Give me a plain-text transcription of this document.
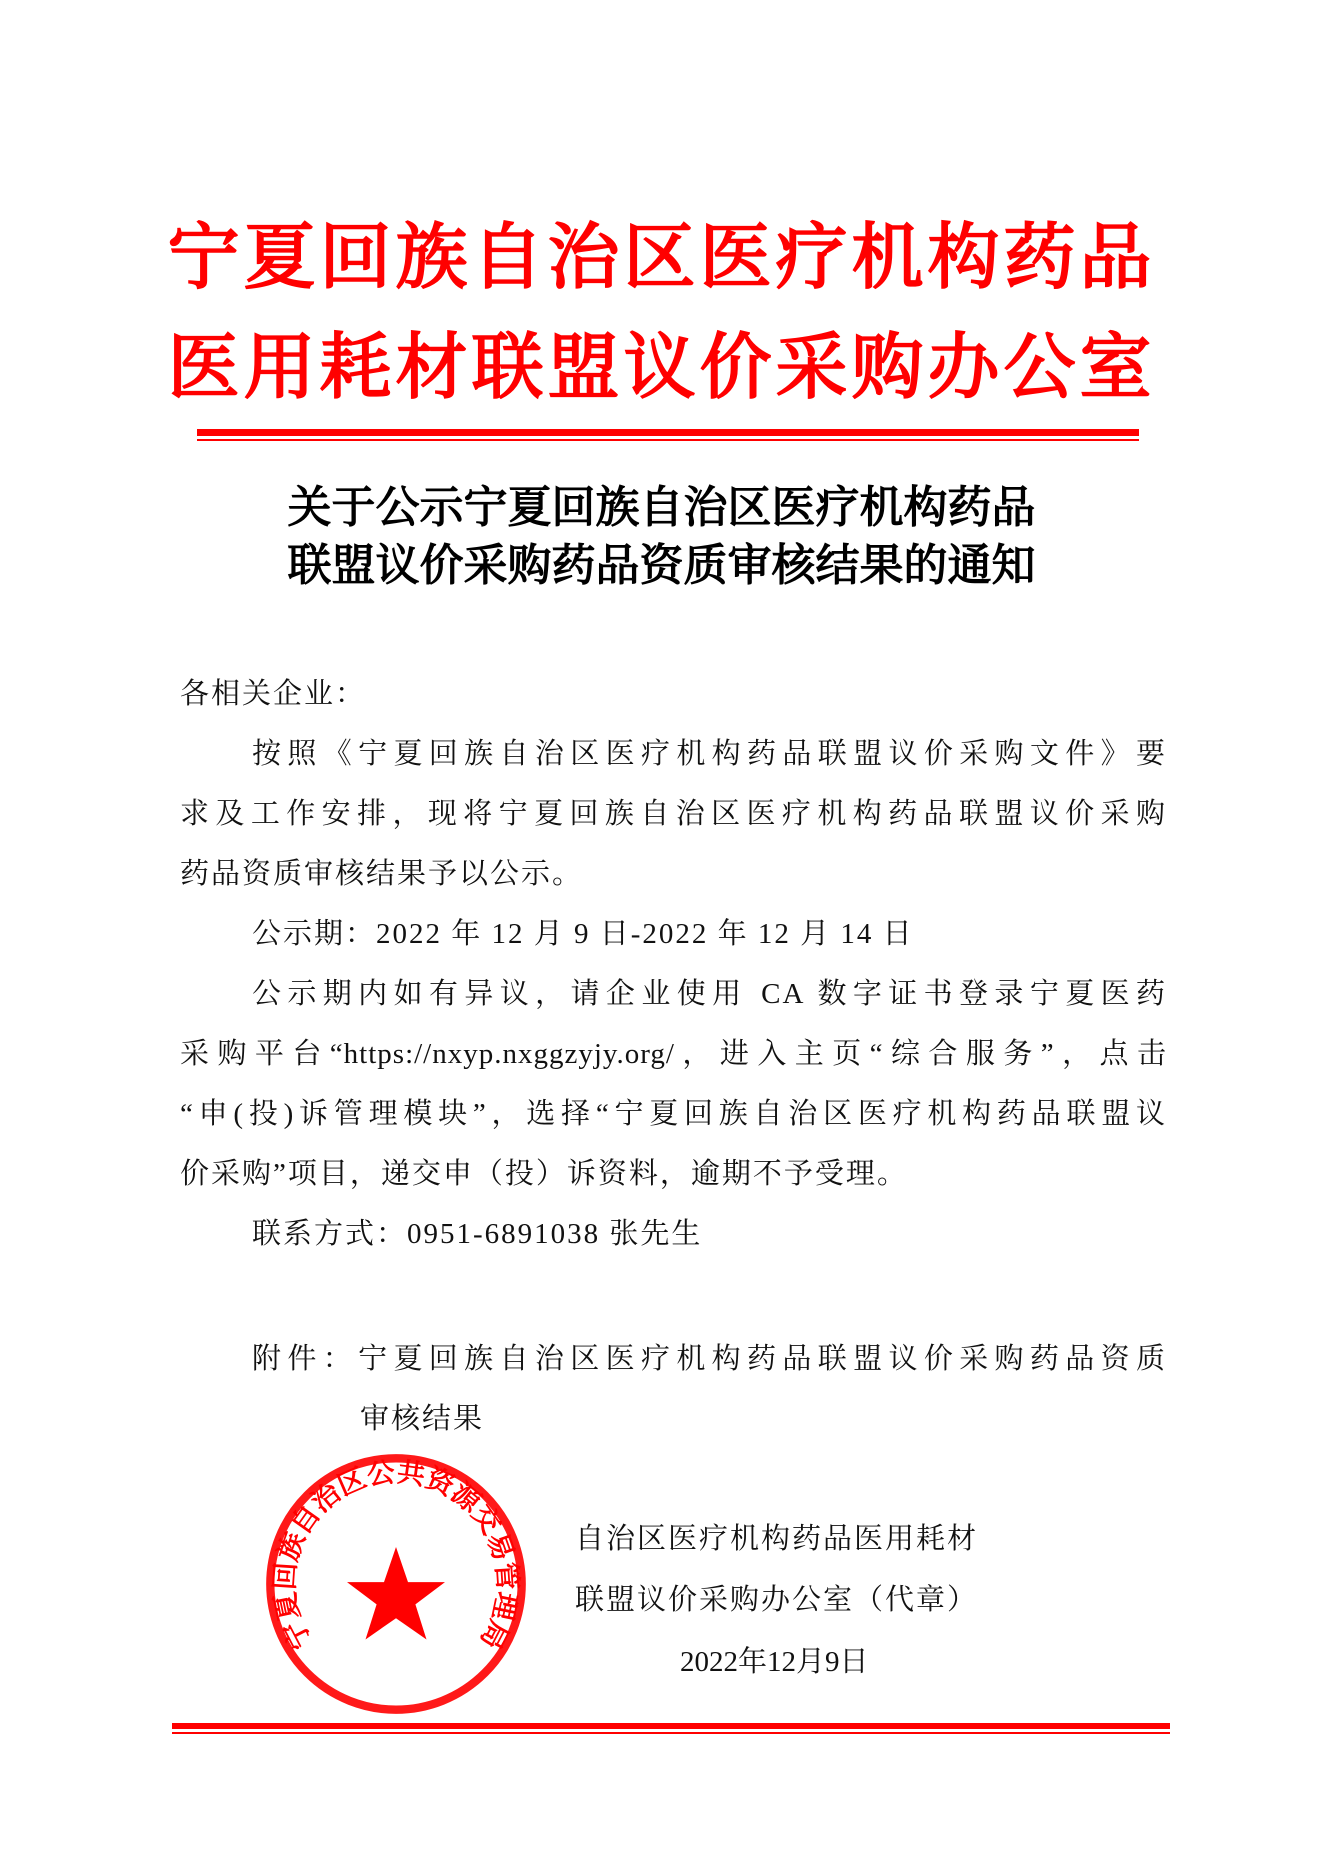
宁夏回族自治区医疗机构药品
医用耗材联盟议价采购办公室
关于公示宁夏回族自治区医疗机构药品
联盟议价采购药品资质审核结果的通知
各相关企业：
按照《宁夏回族自治区医疗机构药品联盟议价采购文件》要
求及工作安排，现将宁夏回族自治区医疗机构药品联盟议价采购
药品资质审核结果予以公示。
公示期：2022 年 12 月 9 日-2022 年 12 月 14 日
公示期内如有异议，请企业使用 CA 数字证书登录宁夏医药
采购平台“https://nxyp.nxggzyjy.org/，进入主页“综合服务”，点击
“申(投)诉管理模块”，选择“宁夏回族自治区医疗机构药品联盟议
价采购”项目，递交申（投）诉资料，逾期不予受理。
联系方式：0951-6891038 张先生
附件：宁夏回族自治区医疗机构药品联盟议价采购药品资质
审核结果
自治区医疗机构药品医用耗材
联盟议价采购办公室（代章）
2022年12月9日
宁夏回族自治区公共资源交易管理局
